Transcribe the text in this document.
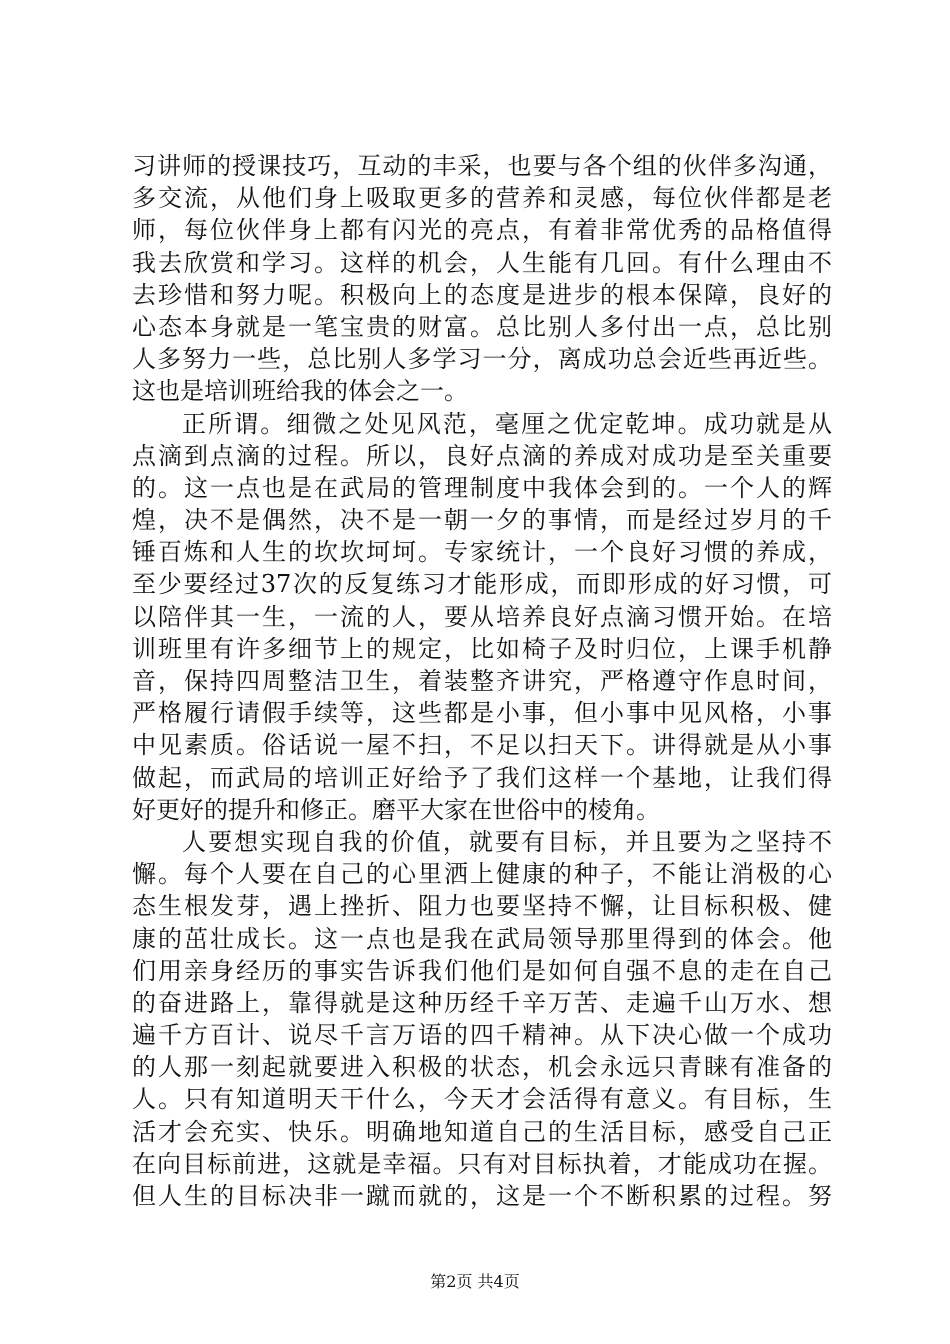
习讲师的授课技巧，互动的丰采，也要与各个组的伙伴多沟通，
多交流，从他们身上吸取更多的营养和灵感，每位伙伴都是老
师，每位伙伴身上都有闪光的亮点，有着非常优秀的品格值得
我去欣赏和学习。这样的机会，人生能有几回。有什么理由不
去珍惜和努力呢。积极向上的态度是进步的根本保障，良好的
心态本身就是一笔宝贵的财富。总比别人多付出一点，总比别
人多努力一些，总比别人多学习一分，离成功总会近些再近些。
这也是培训班给我的体会之一。
正所谓。细微之处见风范，毫厘之优定乾坤。成功就是从
点滴到点滴的过程。所以，良好点滴的养成对成功是至关重要
的。这一点也是在武局的管理制度中我体会到的。一个人的辉
煌，决不是偶然，决不是一朝一夕的事情，而是经过岁月的千
锤百炼和人生的坎坎坷坷。专家统计，一个良好习惯的养成，
至少要经过37次的反复练习才能形成，而即形成的好习惯，可
以陪伴其一生，一流的人，要从培养良好点滴习惯开始。在培
训班里有许多细节上的规定，比如椅子及时归位，上课手机静
音，保持四周整洁卫生，着装整齐讲究，严格遵守作息时间，
严格履行请假手续等，这些都是小事，但小事中见风格，小事
中见素质。俗话说一屋不扫，不足以扫天下。讲得就是从小事
做起，而武局的培训正好给予了我们这样一个基地，让我们得
好更好的提升和修正。磨平大家在世俗中的棱角。
人要想实现自我的价值，就要有目标，并且要为之坚持不
懈。每个人要在自己的心里洒上健康的种子，不能让消极的心
态生根发芽，遇上挫折、阻力也要坚持不懈，让目标积极、健
康的茁壮成长。这一点也是我在武局领导那里得到的体会。他
们用亲身经历的事实告诉我们他们是如何自强不息的走在自己
的奋进路上，靠得就是这种历经千辛万苦、走遍千山万水、想
遍千方百计、说尽千言万语的四千精神。从下决心做一个成功
的人那一刻起就要进入积极的状态，机会永远只青睐有准备的
人。只有知道明天干什么，今天才会活得有意义。有目标，生
活才会充实、快乐。明确地知道自己的生活目标，感受自己正
在向目标前进，这就是幸福。只有对目标执着，才能成功在握。
但人生的目标决非一蹴而就的，这是一个不断积累的过程。努
第2页 共4页
